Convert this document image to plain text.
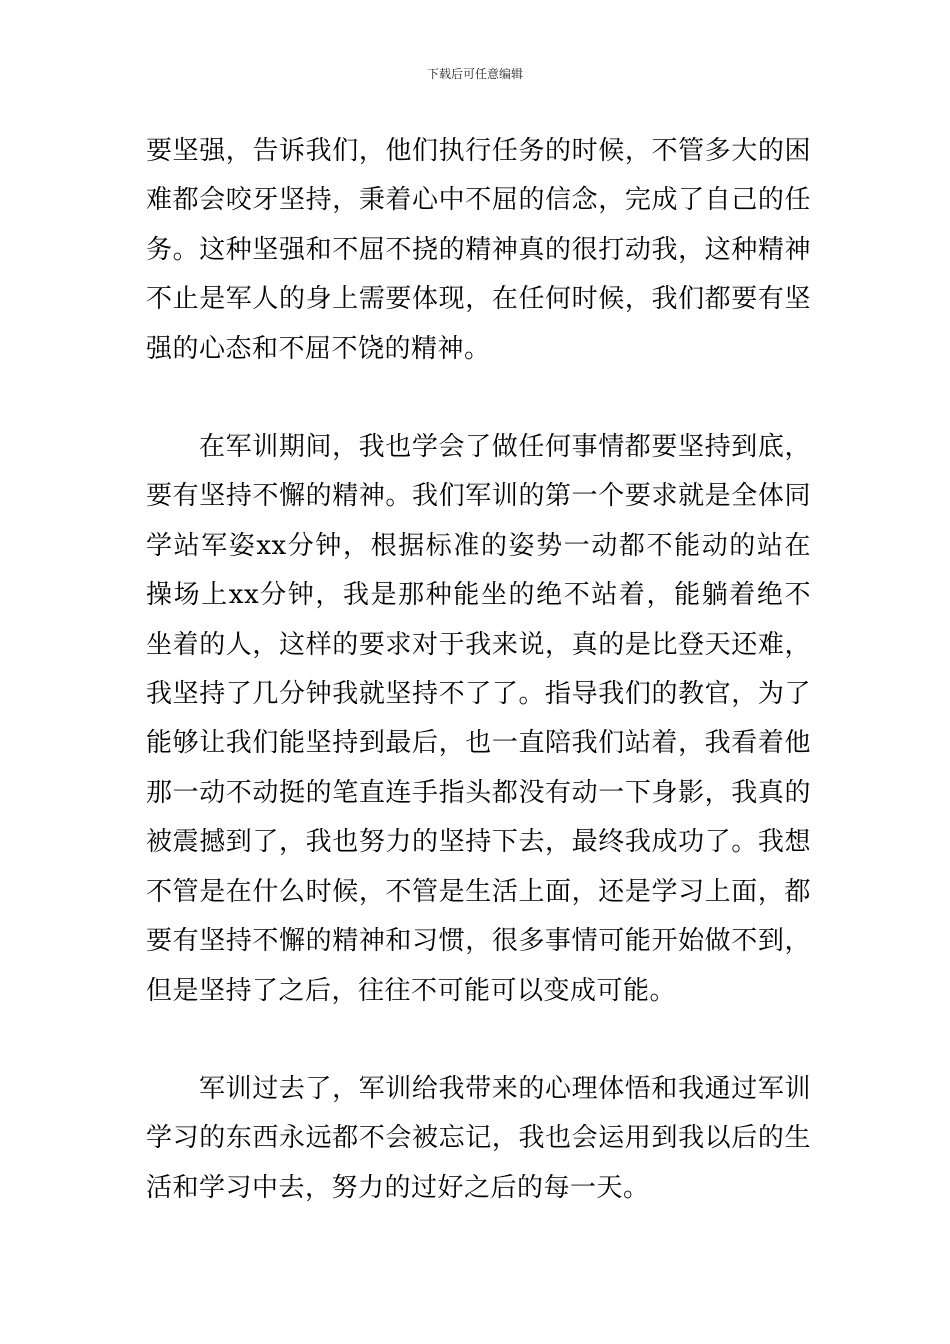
下载后可任意编辑

要坚强，告诉我们，他们执行任务的时候，不管多大的困难都会咬牙坚持，秉着心中不屈的信念，完成了自己的任务。这种坚强和不屈不挠的精神真的很打动我，这种精神不止是军人的身上需要体现，在任何时候，我们都要有坚强的心态和不屈不饶的精神。

在军训期间，我也学会了做任何事情都要坚持到底，要有坚持不懈的精神。我们军训的第一个要求就是全体同学站军姿xx分钟，根据标准的姿势一动都不能动的站在操场上xx分钟，我是那种能坐的绝不站着，能躺着绝不坐着的人，这样的要求对于我来说，真的是比登天还难，我坚持了几分钟我就坚持不了了。指导我们的教官，为了能够让我们能坚持到最后，也一直陪我们站着，我看着他那一动不动挺的笔直连手指头都没有动一下身影，我真的被震撼到了，我也努力的坚持下去，最终我成功了。我想不管是在什么时候，不管是生活上面，还是学习上面，都要有坚持不懈的精神和习惯，很多事情可能开始做不到，但是坚持了之后，往往不可能可以变成可能。

军训过去了，军训给我带来的心理体悟和我通过军训学习的东西永远都不会被忘记，我也会运用到我以后的生活和学习中去，努力的过好之后的每一天。
